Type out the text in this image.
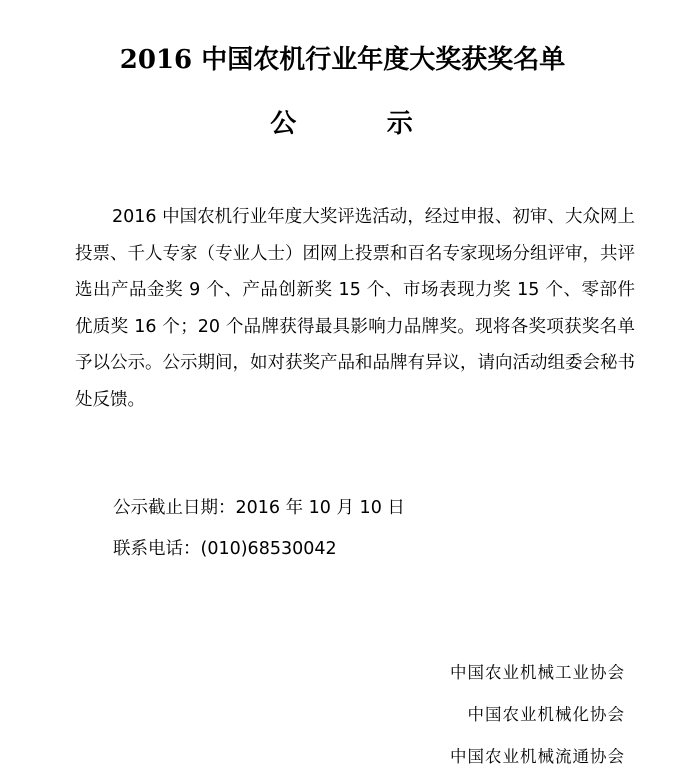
2016 中国农机行业年度大奖获奖名单
公        示

2016 中国农机行业年度大奖评选活动，经过申报、初审、大众网上投票、千人专家（专业人士）团网上投票和百名专家现场分组评审，共评选出产品金奖 9 个、产品创新奖 15 个、市场表现力奖 15 个、零部件优质奖 16 个；20 个品牌获得最具影响力品牌奖。现将各奖项获奖名单予以公示。公示期间，如对获奖产品和品牌有异议，请向活动组委会秘书处反馈。

公示截止日期：2016 年 10 月 10 日
联系电话：(010)68530042
中国农业机械工业协会
中国农业机械化协会
中国农业机械流通协会
